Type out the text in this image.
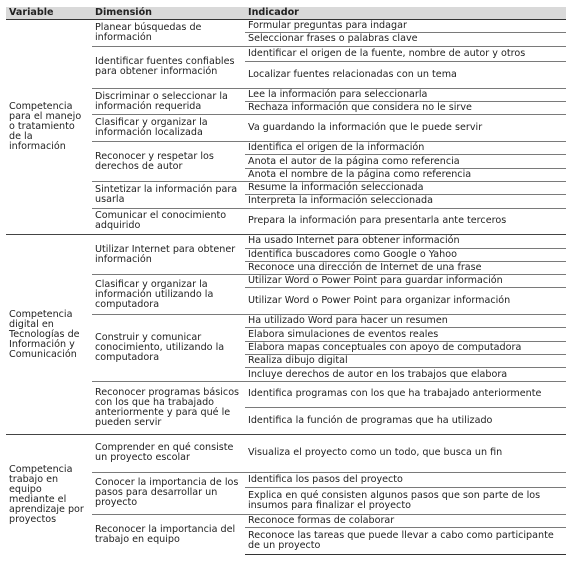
Variable	Dimensión	Indicador
Competencia para el manejo o tratamiento de la información	Planear búsquedas de información	Formular preguntas para indagar
		Seleccionar frases o palabras clave
	Identificar fuentes confiables para obtener información	Identificar el origen de la fuente, nombre de autor y otros
		Localizar fuentes relacionadas con un tema
	Discriminar o seleccionar la información requerida	Lee la información para seleccionarla
		Rechaza información que considera no le sirve
	Clasificar y organizar la información localizada	Va guardando la información que le puede servir
	Reconocer y respetar los derechos de autor	Identifica el origen de la información
		Anota el autor de la página como referencia
		Anota el nombre de la página como referencia
	Sintetizar la información para usarla	Resume la información seleccionada
		Interpreta la información seleccionada
	Comunicar el conocimiento adquirido	Prepara la información para presentarla ante terceros
Competencia digital en Tecnologías de Información y Comunicación	Utilizar Internet para obtener información	Ha usado Internet para obtener información
		Identifica buscadores como Google o Yahoo
		Reconoce una dirección de Internet de una frase
	Clasificar y organizar la información utilizando la computadora	Utilizar Word o Power Point para guardar información
		Utilizar Word o Power Point para organizar información
	Construir y comunicar conocimiento, utilizando la computadora	Ha utilizado Word para hacer un resumen
		Elabora simulaciones de eventos reales
		Elabora mapas conceptuales con apoyo de computadora
		Realiza dibujo digital
		Incluye derechos de autor en los trabajos que elabora
	Reconocer programas básicos con los que ha trabajado anteriormente y para qué le pueden servir	Identifica programas con los que ha trabajado anteriormente
		Identifica la función de programas que ha utilizado
Competencia trabajo en equipo mediante el aprendizaje por proyectos	Comprender en qué consiste un proyecto escolar	Visualiza el proyecto como un todo, que busca un fin
	Conocer la importancia de los pasos para desarrollar un proyecto	Identifica los pasos del proyecto
		Explica en qué consisten algunos pasos que son parte de los insumos para finalizar el proyecto
	Reconocer la importancia del trabajo en equipo	Reconoce formas de colaborar
		Reconoce las tareas que puede llevar a cabo como participante de un proyecto
